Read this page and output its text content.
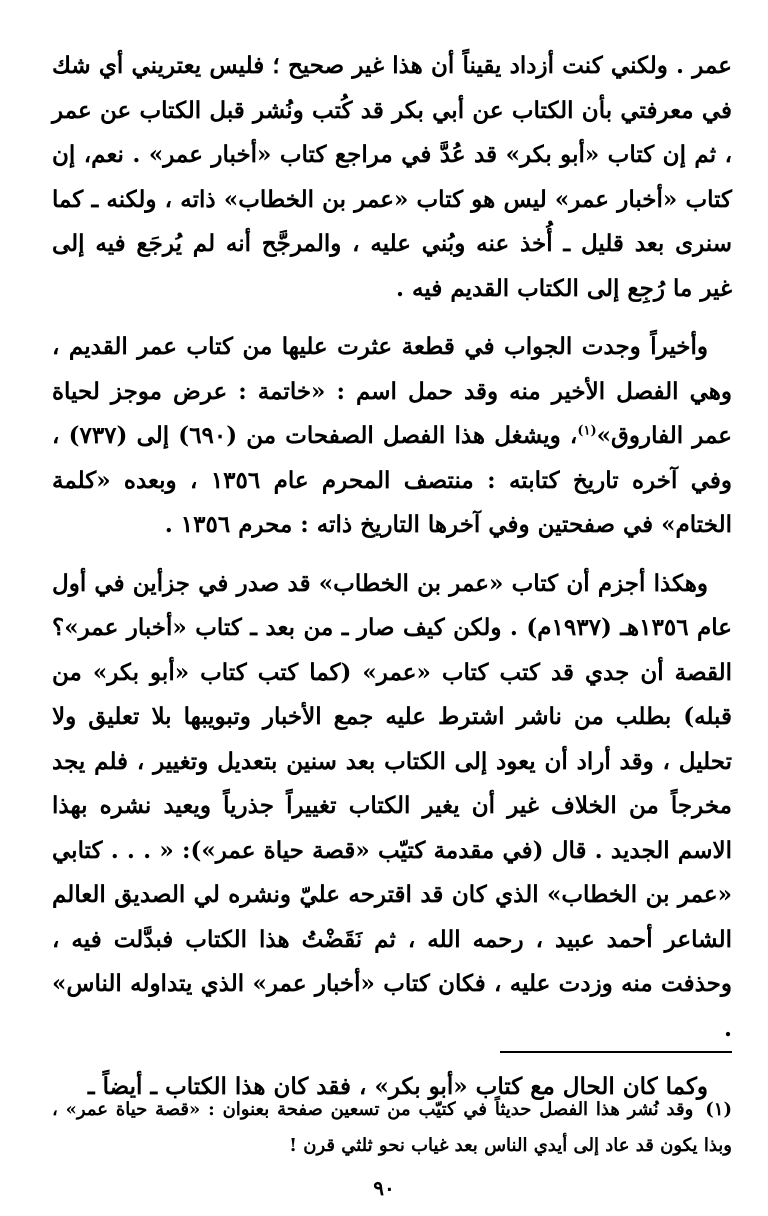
عمر . ولكني كنت أزداد يقيناً أن هذا غير صحيح ؛ فليس يعتريني أي شك في معرفتي بأن الكتاب عن أبي بكر قد كُتب ونُشر قبل الكتاب عن عمر ، ثم إن كتاب «أبو بكر» قد عُدَّ في مراجع كتاب «أخبار عمر» . نعم، إن كتاب «أخبار عمر» ليس هو كتاب «عمر بن الخطاب» ذاته ، ولكنه ـ كما سنرى بعد قليل ـ أُخذ عنه وبُني عليه ، والمرجَّح أنه لم يُرجَع فيه إلى غير ما رُجِع إلى الكتاب القديم فيه .

وأخيراً وجدت الجواب في قطعة عثرت عليها من كتاب عمر القديم ، وهي الفصل الأخير منه وقد حمل اسم : «خاتمة : عرض موجز لحياة عمر الفاروق»$^{(١)}$، ويشغل هذا الفصل الصفحات من (٦٩٠) إلى (٧٣٧) ، وفي آخره تاريخ كتابته : منتصف المحرم عام ١٣٥٦ ، وبعده «كلمة الختام» في صفحتين وفي آخرها التاريخ ذاته : محرم ١٣٥٦ .

وهكذا أجزم أن كتاب «عمر بن الخطاب» قد صدر في جزأين في أول عام ١٣٥٦هـ (١٩٣٧م) . ولكن كيف صار ـ من بعد ـ كتاب «أخبار عمر»؟ القصة أن جدي قد كتب كتاب «عمر» (كما كتب كتاب «أبو بكر» من قبله) بطلب من ناشر اشترط عليه جمع الأخبار وتبويبها بلا تعليق ولا تحليل ، وقد أراد أن يعود إلى الكتاب بعد سنين بتعديل وتغيير ، فلم يجد مخرجاً من الخلاف غير أن يغير الكتاب تغييراً جذرياً ويعيد نشره بهذا الاسم الجديد . قال (في مقدمة كتيّب «قصة حياة عمر»): « . . . كتابي «عمر بن الخطاب» الذي كان قد اقترحه عليّ ونشره لي الصديق العالم الشاعر أحمد عبيد ، رحمه الله ، ثم نَقَضْتُ هذا الكتاب فبدَّلت فيه ، وحذفت منه وزدت عليه ، فكان كتاب «أخبار عمر» الذي يتداوله الناس» .

وكما كان الحال مع كتاب «أبو بكر» ، فقد كان هذا الكتاب ـ أيضاً ـ

(١)وقد نُشر هذا الفصل حديثاً في كتيّب من تسعين صفحة بعنوان : «قصة حياة عمر» ، وبذا يكون قد عاد إلى أيدي الناس بعد غياب نحو ثلثي قرن !
٩٠
